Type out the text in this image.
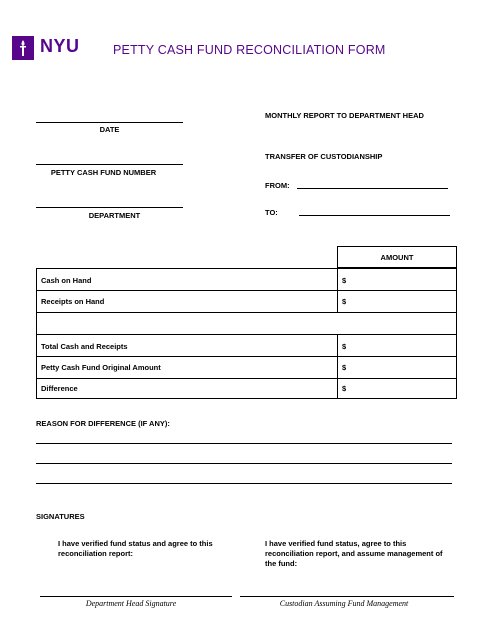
NYU	PETTY CASH FUND RECONCILIATION FORM
DATE
PETTY CASH FUND NUMBER
DEPARTMENT
MONTHLY REPORT TO DEPARTMENT HEAD
TRANSFER OF CUSTODIANSHIP
FROM:
TO:
AMOUNT
Cash on Hand	$
Receipts on Hand	$
Total Cash and Receipts	$
Petty Cash Fund Original Amount	$
Difference	$
REASON FOR DIFFERENCE (IF ANY):
SIGNATURES
I have verified fund status and agree to this reconciliation report:
I have verified fund status, agree to this reconciliation report, and assume management of the fund:
Department Head Signature	Custodian Assuming Fund Management
